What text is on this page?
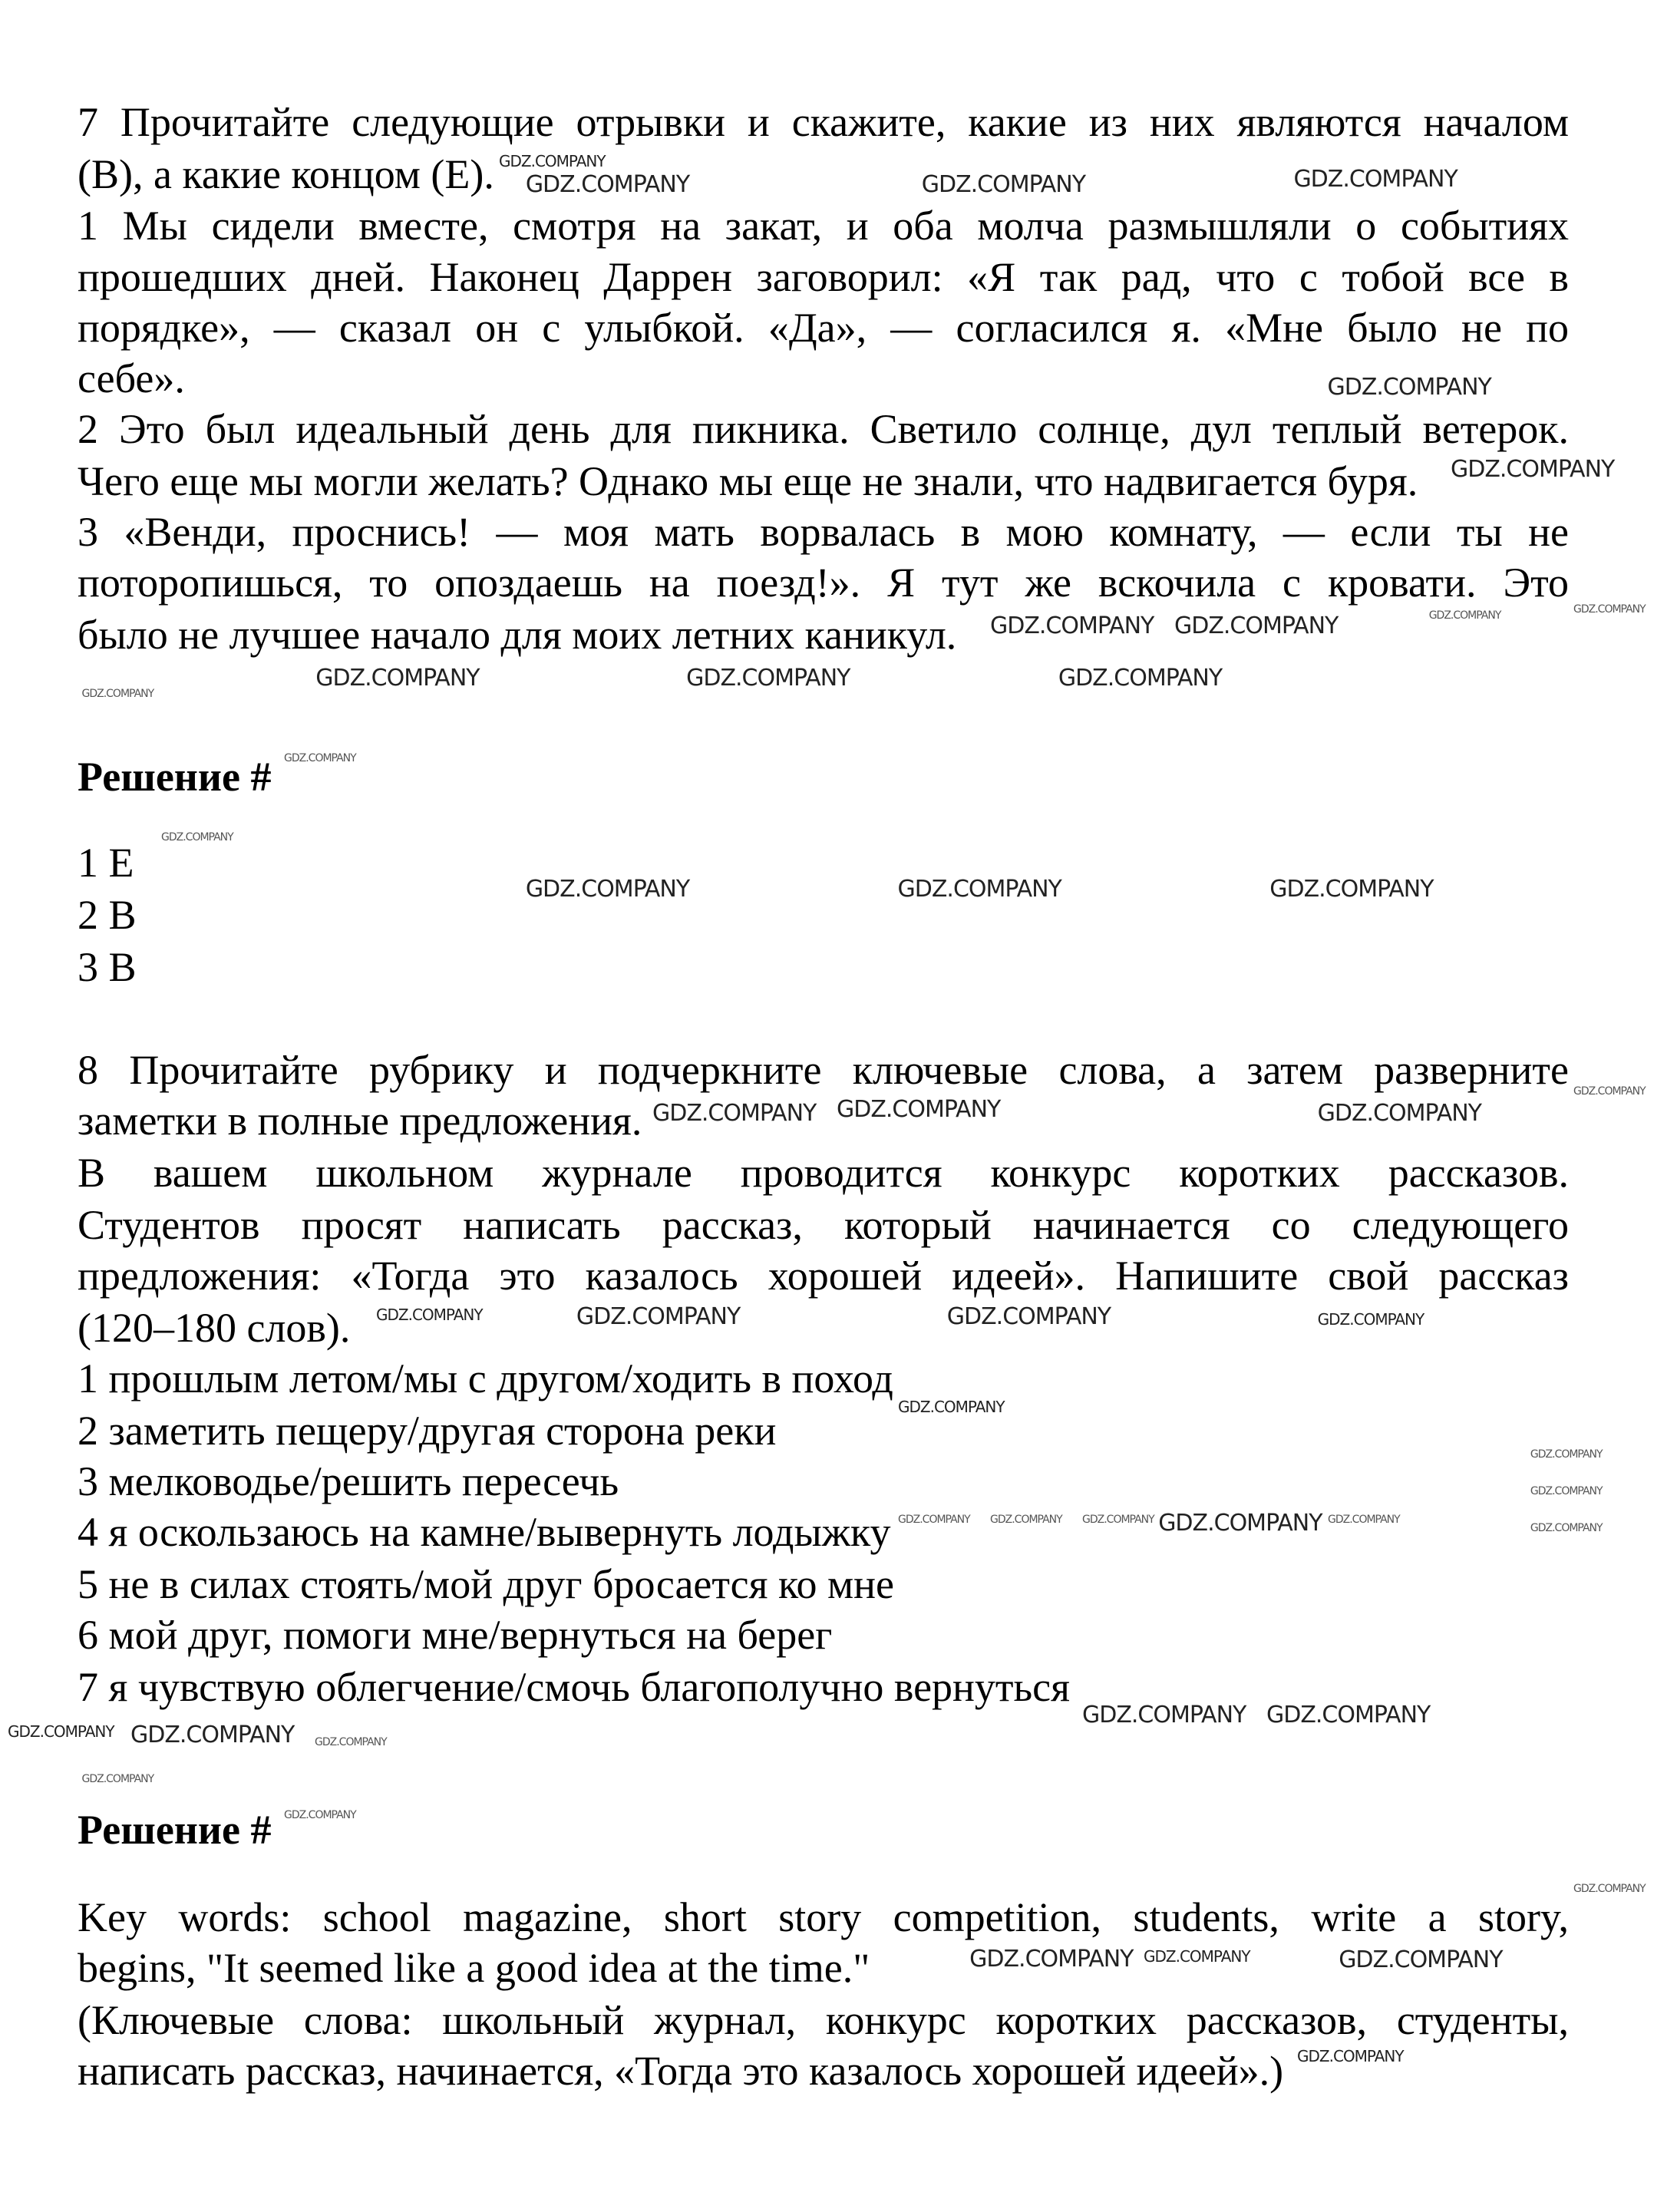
7 Прочитайте следующие отрывки и скажите, какие из них являются началом
(B), а какие концом (E).
1 Мы сидели вместе, смотря на закат, и оба молча размышляли о событиях
прошедших дней. Наконец Даррен заговорил: «Я так рад, что с тобой все в
порядке», — сказал он с улыбкой. «Да», — согласился я. «Мне было не по
себе».
2 Это был идеальный день для пикника. Светило солнце, дул теплый ветерок.
Чего еще мы могли желать? Однако мы еще не знали, что надвигается буря.
3 «Венди, проснись! — моя мать ворвалась в мою комнату, — если ты не
поторопишься, то опоздаешь на поезд!». Я тут же вскочила с кровати. Это
было не лучшее начало для моих летних каникул.
Решение #
1 E
2 B
3 B
8 Прочитайте рубрику и подчеркните ключевые слова, а затем разверните
заметки в полные предложения.
В вашем школьном журнале проводится конкурс коротких рассказов.
Студентов просят написать рассказ, который начинается со следующего
предложения: «Тогда это казалось хорошей идеей». Напишите свой рассказ
(120–180 слов).
1 прошлым летом/мы с другом/ходить в поход
2 заметить пещеру/другая сторона реки
3 мелководье/решить пересечь
4 я оскользаюсь на камне/вывернуть лодыжку
5 не в силах стоять/мой друг бросается ко мне
6 мой друг, помоги мне/вернуться на берег
7 я чувствую облегчение/смочь благополучно вернуться
Решение #
Key words: school magazine, short story competition, students, write a story,
begins, "It seemed like a good idea at the time."
(Ключевые слова: школьный журнал, конкурс коротких рассказов, студенты,
написать рассказ, начинается, «Тогда это казалось хорошей идеей».)
GDZ.COMPANY
GDZ.COMPANY	GDZ.COMPANY	GDZ.COMPANY
GDZ.COMPANY
GDZ.COMPANY GDZ.COMPANY
GDZ.COMPANY
GDZ.COMPANY
GDZ.COMPANY
GDZ.COMPANY	GDZ.COMPANY	GDZ.COMPANY
GDZ.COMPANY
GDZ.COMPANY
GDZ.COMPANY
GDZ.COMPANY	GDZ.COMPANY	GDZ.COMPANY
GDZ.COMPANY GDZ.COMPANY	GDZ.COMPANY
GDZ.COMPANY
GDZ.COMPANY	GDZ.COMPANY	GDZ.COMPANY	GDZ.COMPANY
GDZ.COMPANY
GDZ.COMPANY
GDZ.COMPANY
GDZ.COMPANY
GDZ.COMPANY
GDZ.COMPANY GDZ.COMPANY GDZ.COMPANY	GDZ.COMPANY
GDZ.COMPANY GDZ.COMPANY
GDZ.COMPANY GDZ.COMPANY GDZ.COMPANY
GDZ.COMPANY
GDZ.COMPANY
GDZ.COMPANY
GDZ.COMPANY	GDZ.COMPANY
GDZ.COMPANY
GDZ.COMPANY
